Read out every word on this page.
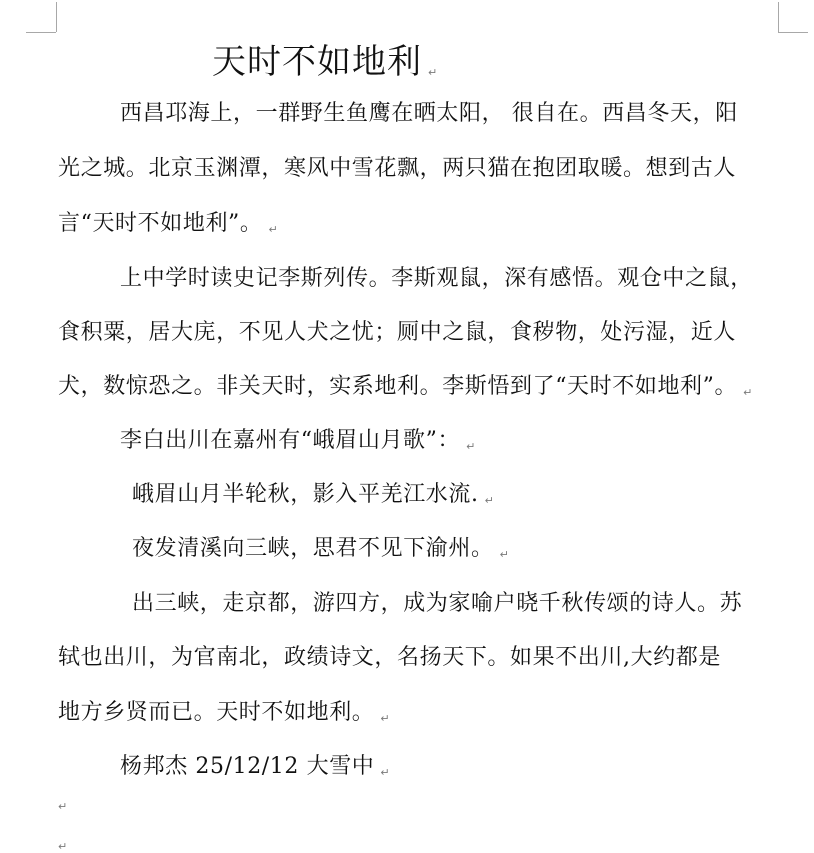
天时不如地利 ↵
西昌邛海上，一群野生鱼鹰在晒太阳， 很自在。西昌冬天，阳
光之城。北京玉渊潭，寒风中雪花飘，两只猫在抱团取暖。想到古人
言“天时不如地利”。 ↵
上中学时读史记李斯列传。李斯观鼠，深有感悟。观仓中之鼠，
食积粟，居大庑，不见人犬之忧；厕中之鼠，食秽物，处污湿，近人
犬，数惊恐之。非关天时，实系地利。李斯悟到了“天时不如地利”。 ↵
李白出川在嘉州有“峨眉山月歌”： ↵
峨眉山月半轮秋，影入平羌江水流. ↵
夜发清溪向三峡，思君不见下渝州。 ↵
出三峡，走京都，游四方，成为家喻户晓千秋传颂的诗人。苏
轼也出川，为官南北，政绩诗文，名扬天下。如果不出川,大约都是
地方乡贤而已。天时不如地利。 ↵
杨邦杰 25/12/12 大雪中 ↵
↵
↵
